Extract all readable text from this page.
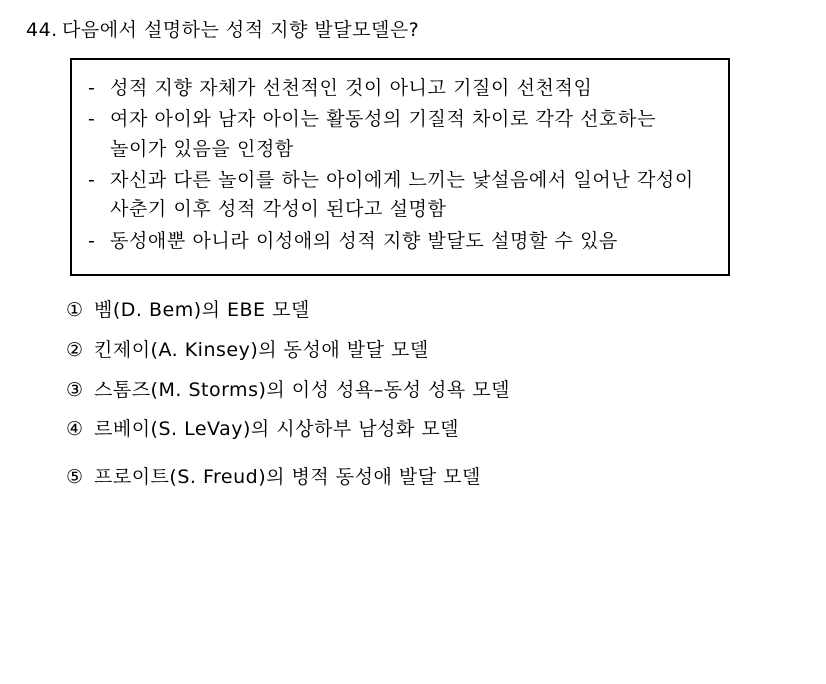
44. 다음에서 설명하는 성적 지향 발달모델은?
- 성적 지향 자체가 선천적인 것이 아니고 기질이 선천적임
- 여자 아이와 남자 아이는 활동성의 기질적 차이로 각각 선호하는 놀이가 있음을 인정함
- 자신과 다른 놀이를 하는 아이에게 느끼는 낯설음에서 일어난 각성이 사춘기 이후 성적 각성이 된다고 설명함
- 동성애뿐 아니라 이성애의 성적 지향 발달도 설명할 수 있음
① 벰(D. Bem)의 EBE 모델
② 킨제이(A. Kinsey)의 동성애 발달 모델
③ 스톰즈(M. Storms)의 이성 성욕–동성 성욕 모델
④ 르베이(S. LeVay)의 시상하부 남성화 모델
⑤ 프로이트(S. Freud)의 병적 동성애 발달 모델
